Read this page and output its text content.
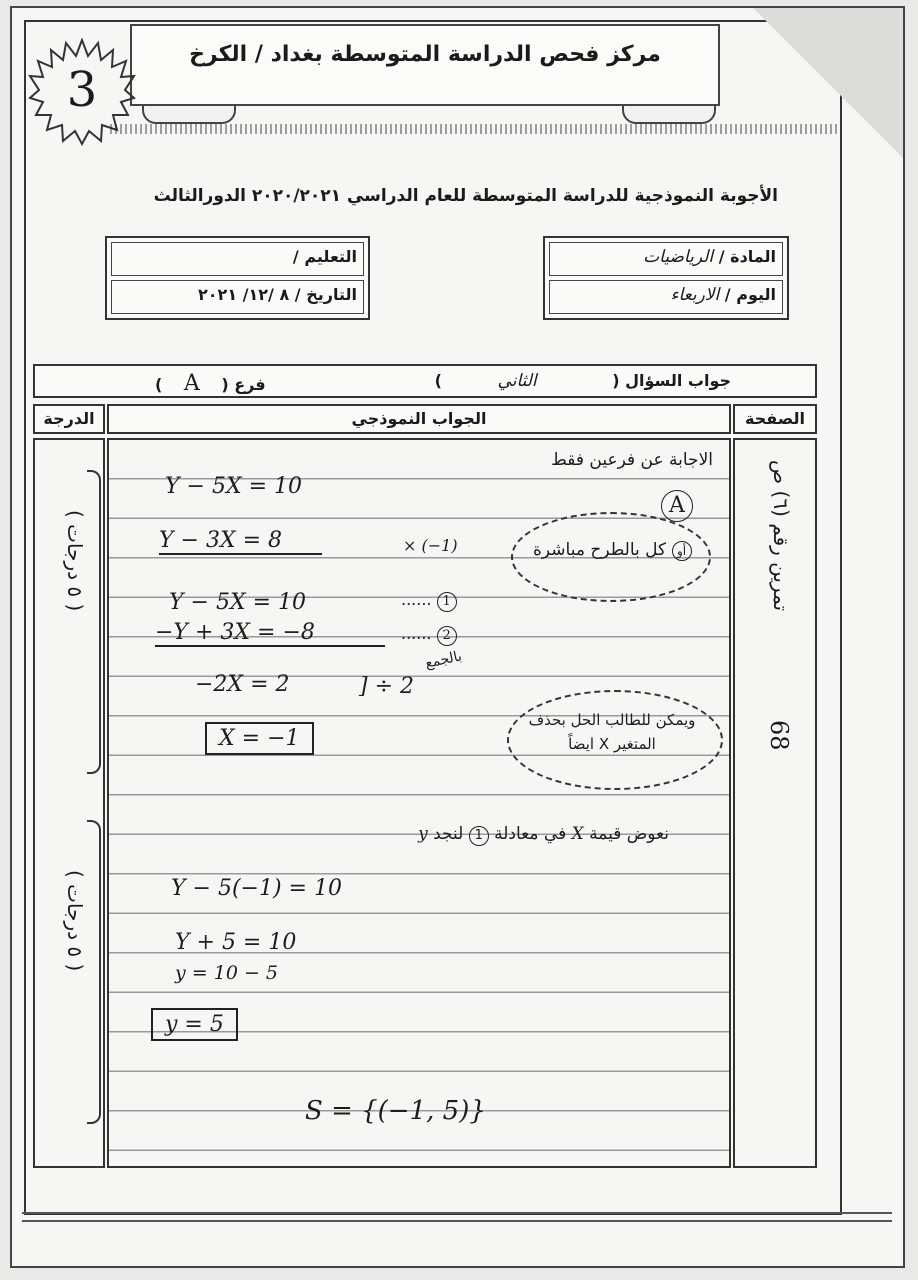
مركز فحص الدراسة المتوسطة بغداد / الكرخ
3
الأجوبة النموذجية للدراسة المتوسطة للعام الدراسي ٢٠٢٠/٢٠٢١ الدورالثالث
التعليم /
التاريخ / ٨ /١٢/ ٢٠٢١
المادة / الرياضيات
اليوم / الاربعاء
جواب السؤال ( الثاني )
فرع ( A )
الدرجة	الجواب النموذجي	الصفحة
( ٥ درجات )
( ٥ درجات )
الاجابة عن فرعين فقط
Y − 5X = 10
A
Y − 3X = 8	× (−1)	أو كل بالطرح مباشرة
Y − 5X = 10	...... 1
−Y + 3X = −8	...... 2
بالجمع
−2X = 2	] ÷ 2
X = −1
ويمكن للطالب الحل بحذف المتغير X ايضاً
نعوض قيمة X في معادلة 1 لنجد y
Y − 5(−1) = 10
Y + 5 = 10
y = 10 − 5
y = 5
S = {(−1, 5)}
تمرين رقم (٦) ص
68
